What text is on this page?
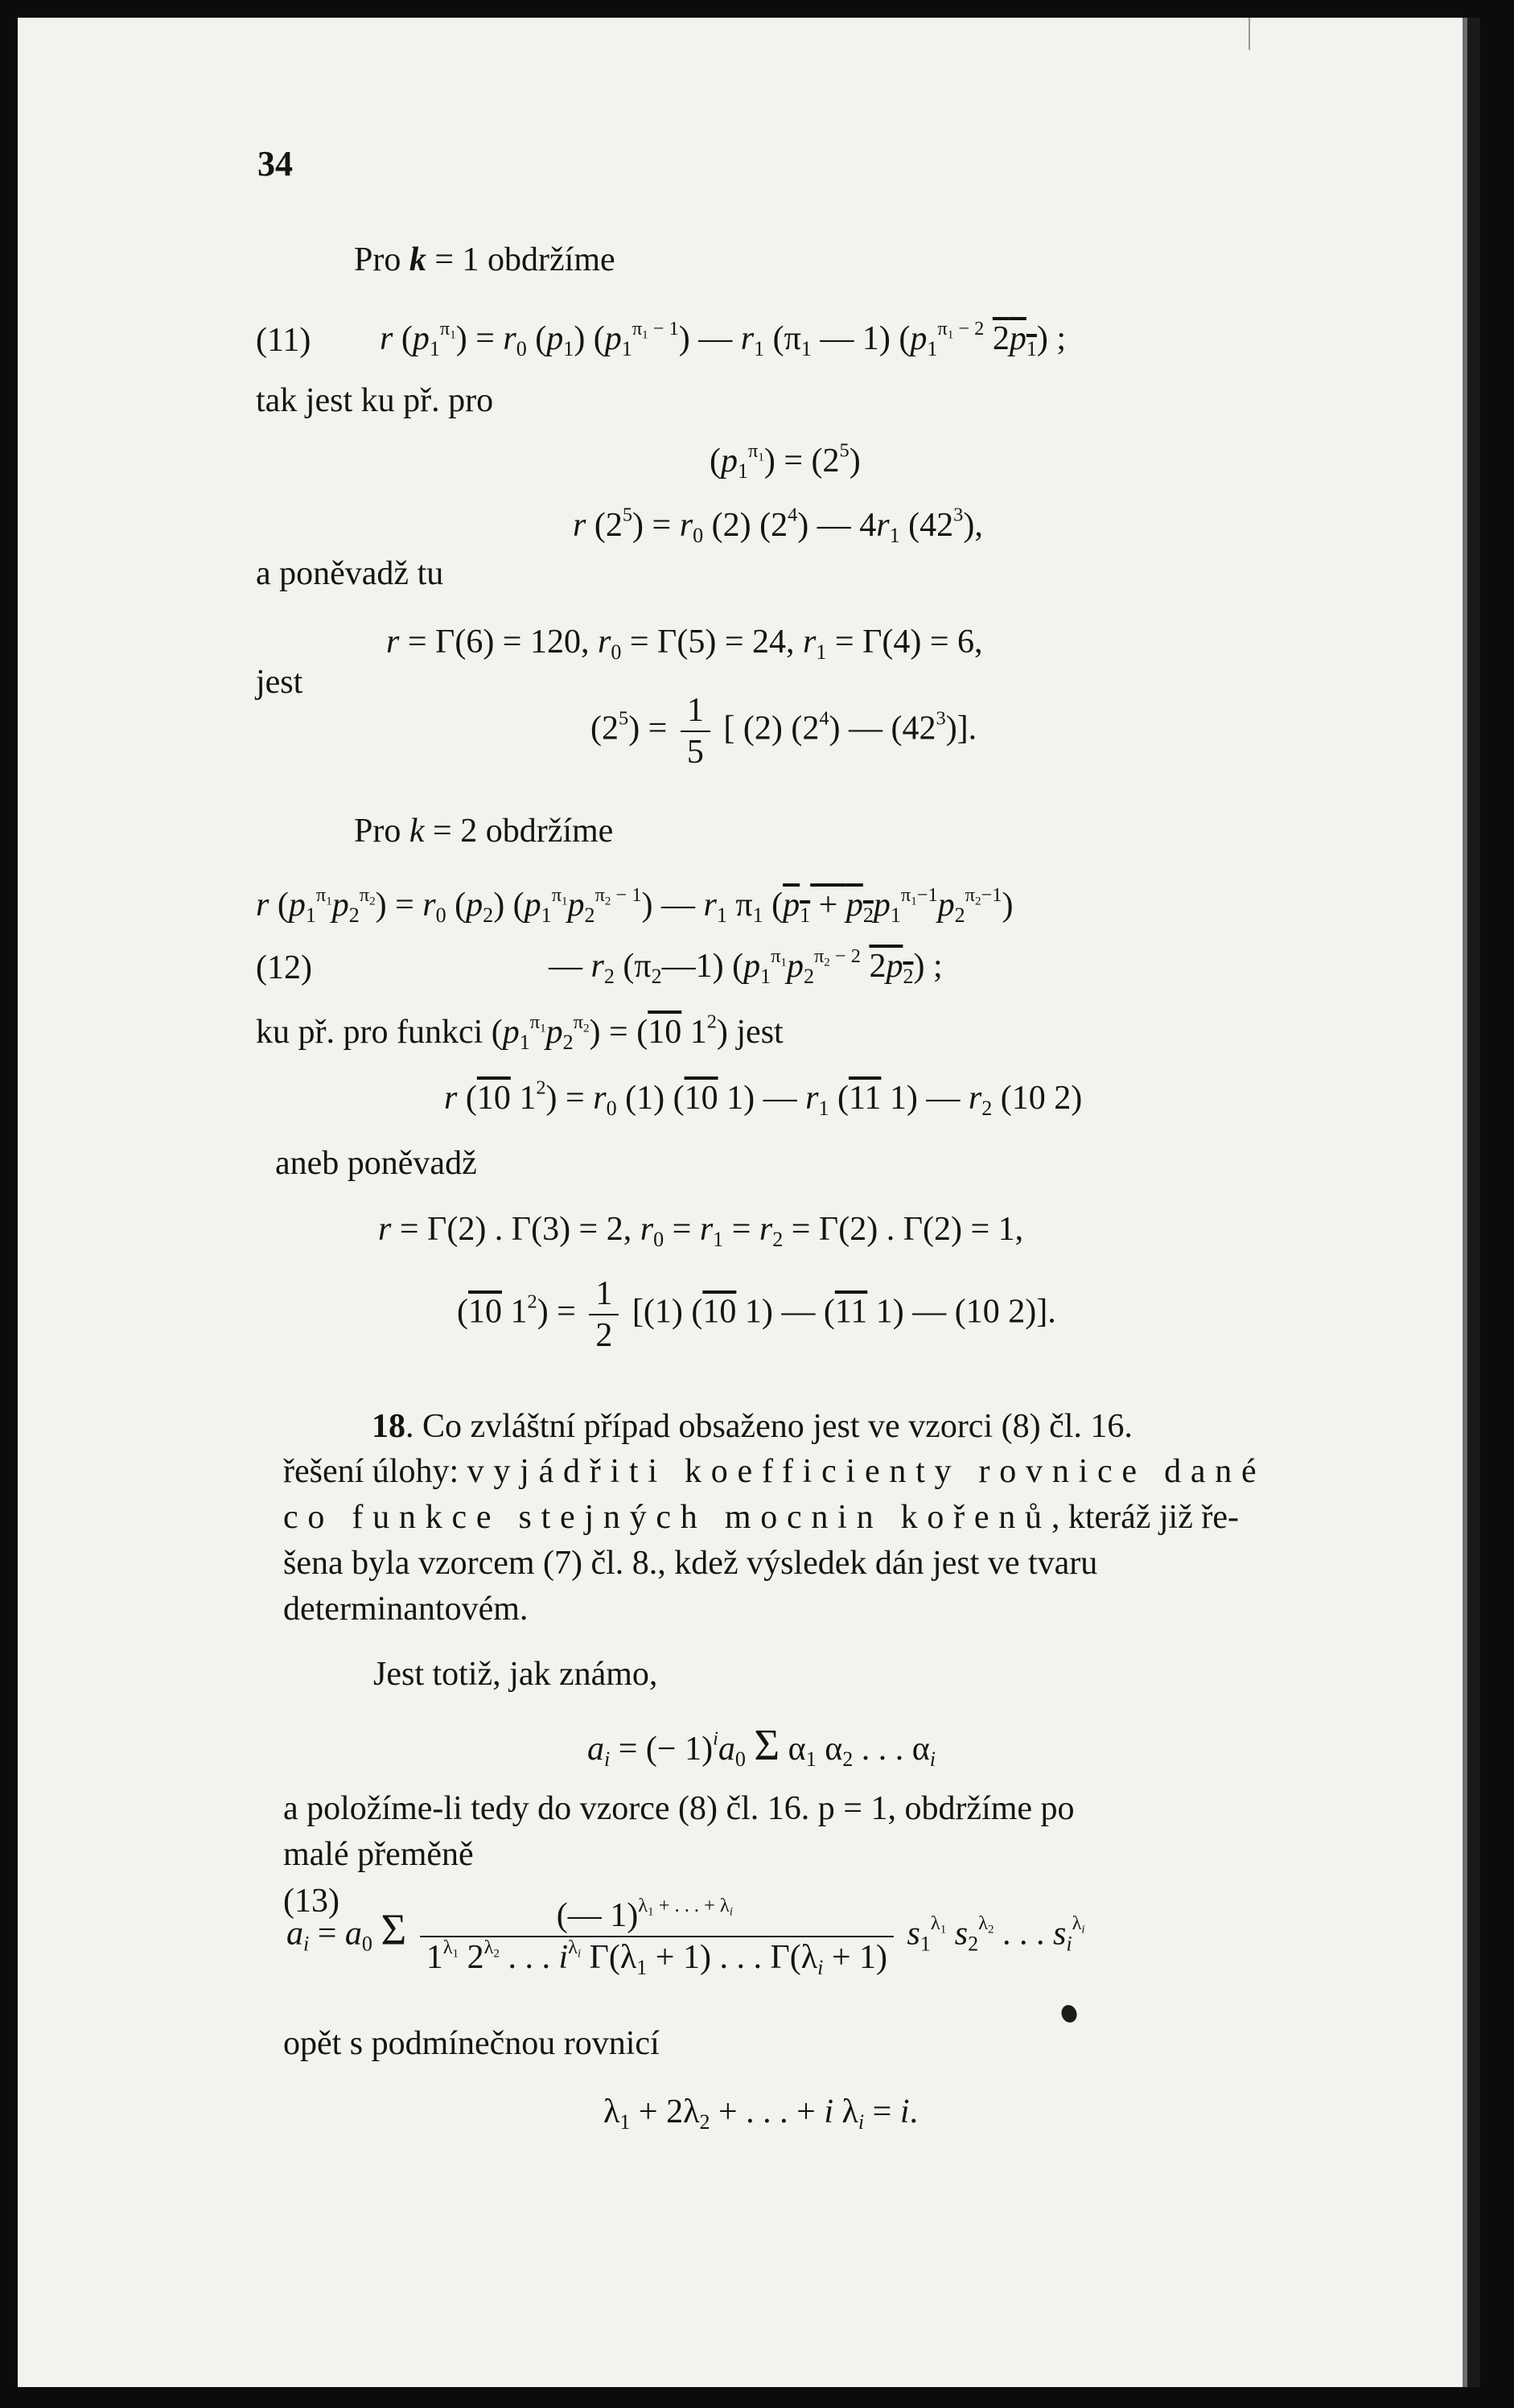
34
Pro k = 1 obdržíme
(11) r $(p_1^{\pi_1}) = r_0$ $(p_1)$ $(p_1^{\pi_1 - 1})$ — $r_1$ ($\pi_1$ — 1) ($p_1^{\pi_1 - 2}$ $2p_1$) ;
tak jest ku př. pro
$(p_1^{\pi_1}) = (2^5)$
r $(2^5) = r_0$ (2) $(2^4)$ — $4r_1$ $(42^3)$,
a poněvadž tu
r = Γ(6) = 120, $r_0 = \Gamma(5) = 24$, $r_1 = \Gamma(4) = 6$,
jest
$(2^5) = \frac{1}{5}$ [ (2) $(2^4)$ — $(42^3)$].
Pro k = 2 obdržíme
r $(p_1^{\pi_1}p_2^{\pi_2}) = r_0$ $(p_2)$ $(p_1^{\pi_1}p_2^{\pi_2 - 1})$ — $r_1$ $\pi_1$ $(p_1 + p_2p_1^{\pi_1-1}p_2^{\pi_2-1})$
(12)	— $r_2$ $(\pi_2—1)$ ($p_1^{\pi_1}p_2^{\pi_2 - 2}$ $2p_2$) ;
ku př. pro funkci $(p_1^{\pi_1}p_2^{\pi_2}) = (10$ $1^2$) jest
r (10 $1^2) = r_0$ (1) (10 1) — $r_1$ (11 1) — $r_2$ (10 2)
aneb poněvadž
r = Γ(2) . Γ(3) = 2, $r_0 = r_1 = r_2 = \Gamma(2)$ . Γ(2) = 1,
(10 $1^2) = \frac{1}{2} [(1)$ (10 1) — (11 1) — (10 2)].
18. Co zvláštní případ obsaženo jest ve vzorci (8) čl. 16.
řešení úlohy: vyjádřiti koefficienty rovnice dané
co funkce stejných mocnin kořenů, kteráž již ře-
šena byla vzorcem (7) čl. 8., kdež výsledek dán jest ve tvaru
determinantovém.
Jest totiž, jak známo,
$a_i$ = (− $1)^ia_0$ Σ $\alpha_1$ $\alpha_2$ . . . $\alpha_i$
a položíme-li tedy do vzorce (8) čl. 16. p = 1, obdržíme po
malé přeměně
(13)
$a_i = a_0$ Σ $\frac{(— 1)^{\lambda_1 + . . . + \lambda_i}}{1^{\lambda_1} 2^{\lambda_2} . . . i^{\lambda_i} \Gamma(\lambda_1 + 1) . . . \Gamma(\lambda_i + 1)} s_1^{\lambda_1}$ $s_2^{\lambda_2}$ . . . $s_i^{\lambda_i}$
opět s podmínečnou rovnicí
$\lambda_1 + 2\lambda_2$ + . . . + i $\lambda_i = i$.
